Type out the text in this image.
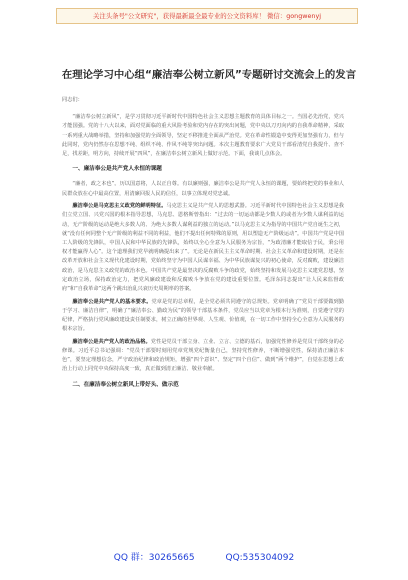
关注头条号"公文研究"，获得最新最全最专业的公文资料库！ 微信：gongwenyj
在理论学习中心组“廉洁奉公树立新风”专题研讨交流会上的发言

同志们：

“廉洁奉公树立新风”，是学习贯彻习近平新时代中国特色社会主义思想主题教育的具体目标之一。当国必先治党，党兴才能国强。党的十八大以来，面对党面临的重大风险考验和党内存在的突出问题，党中央以刀刃向内的自我革命精神，采取一系列重大战略举措，坚持和加强党的全面领导，坚定不移推进全面从严治党。党在革命性锻造中变得更加坚强有力，但与此同时，党内仍然存在思想不纯、组织不纯、作风不纯等突出问题。本次主题教育要求广大党员干部看清党自我提升、查不足，找差距，明方向，持续开展“四风”，在廉洁奉公树立新风上做好示范。下面，我谈几点体会。

一、廉洁奉公是共产党人永恒的课题

“廉者，政之本也”。历以国意将，人以正自尊。有以廉则强，廉洁奉公是共产党人永恒的课题，要始终把党的事业和人民群众放在心中最高位置，用清廉回报人民的信任，以事立体现对党忠诚。

廉洁奉公是马克思主义政党的鲜明特征。马克思主义是共产党人的思想武器。习近平新时代中国特色社会主义思想是我们立党立国、兴党兴国的根本指导思想，马克思、恩格斯曾指出：“过去的一切运动都是少数人的或者为少数人谋利益的运动，无产阶级的运动是绝大多数人的、为绝大多数人谋利益的独立的运动。”以马克思主义为指导的中国共产党自诞生之初，就“没有任何同整个无产阶级的利益不同的利益，他们不提出任何特殊的原则，用以塑造无产阶级运动”。中国共产党是中国工人阶级的先锋队，中国人民和中华民族的先锋队，始终以全心全意为人民服务为宗旨，“为政清廉才能取信于民，秉公用权才能赢得人心”。这个道理我们党早就明确提出来了”。无论是在新民主主义革命时期、社会主义革命和建设时期，还是在改革开放和社会主义现代化建设时期，党始终坚守为中国人民谋幸福、为中华民族谋复兴的初心使命，反对腐败，建设廉洁政治，是马克思主义政党的政治本色。中国共产党是最坚决的反腐败斗争的政党，始终坚持和发展马克思主义建党思想，坚定政治立场，保持政治定力，把党风廉政建设和反腐败斗争放在党的建设重要位置。毛泽东同志提出“让人民来监督政府”和“自我革命”这两个跳出治乱兴衰历史周期率的答案。

廉洁奉公是共产党人的基本要求。党章是党的总章程，是全党必须共同遵守的总规矩。党章明确了“党员干部要做到勤于学习、廉洁自律”，明确了“廉洁奉公、勤政为民”的领导干部基本条件，党员应当以党章为根本行为准则，自觉遵守党的纪律，严格执行党风廉政建设责任制要求，树立正确的世界观、人生观、价值观，在一切工作中坚持全心全意为人民服务的根本宗旨。

廉洁奉公是共产党人的政治品格。党性是党员干部立身、立业、立言、立德的基石，加强党性修养是党员干部终身的必修课。习近平总书记强调：“党员干部要时刻用党章党规党纪衡量自己，坚持党性修养，不断增强党性，保持清正廉洁本色”，要坚定理想信念，严守政治纪律和政治规矩，增强“四个意识”、坚定“四个自信”、做到“两个维护”，自觉在思想上政治上行动上同党中央保持高度一致，真正做到清正廉洁、敬业奉献。

二、在廉洁奉公树立新风上带好头、做示范
QQ 群：30265665	QQ:535304092
